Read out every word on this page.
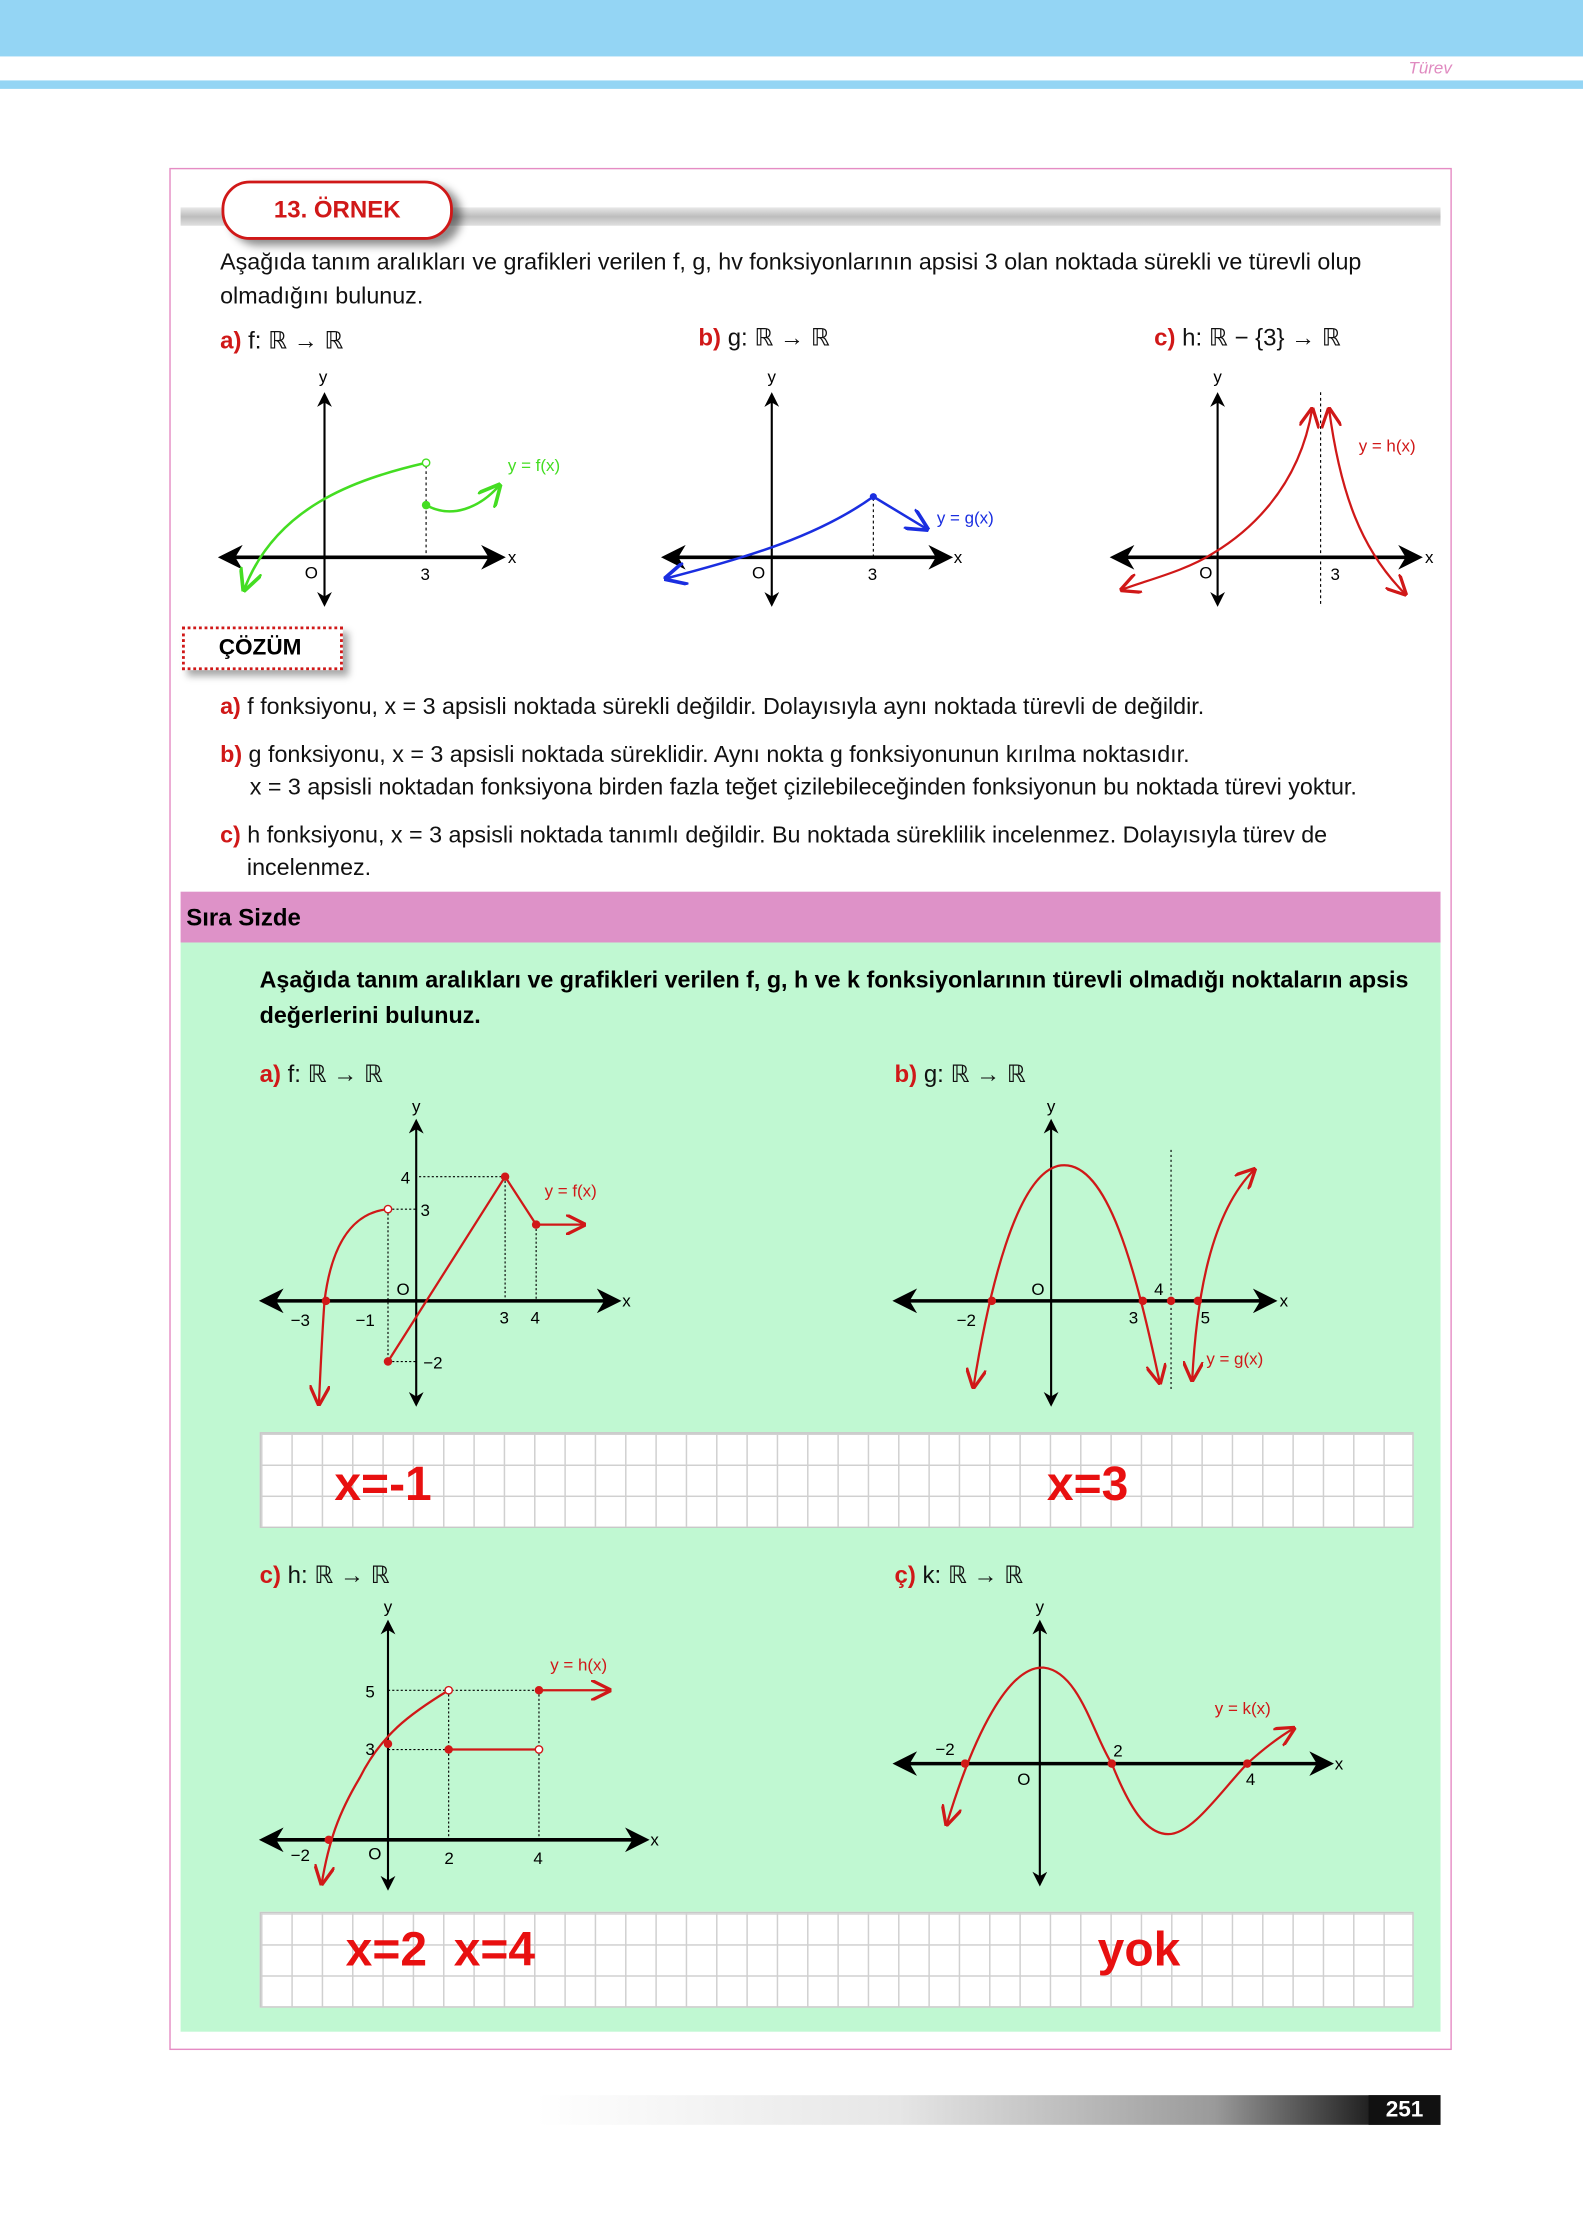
Türev
13. ÖRNEK
Aşağıda tanım aralıkları ve grafikleri verilen f, g, hv fonksiyonlarının apsisi 3 olan noktada sürekli ve türevli olup olmadığını bulunuz.
a) f: ℝ → ℝ	b) g: ℝ → ℝ	c) h: ℝ − {3} → ℝ
y
x
O	3
y = f(x)
y
x
O	3
y = g(x)
y
x
O	3
y = h(x)
y
x
−3	−1
O
3 4
4
3
−2
y = f(x)
y
x
−2
O
3
4
5
y = g(x)
y
x
−2	O	2	4
5
3
y = h(x)
y
x
−2
O
2
4
y = k(x)
ÇÖZÜM
a) f fonksiyonu, x = 3 apsisli noktada sürekli değildir. Dolayısıyla aynı noktada türevli de değildir.
b) g fonksiyonu, x = 3 apsisli noktada süreklidir. Aynı nokta g fonksiyonunun kırılma noktasıdır.
x = 3 apsisli noktadan fonksiyona birden fazla teğet çizilebileceğinden fonksiyonun bu noktada türevi yoktur.
c) h fonksiyonu, x = 3 apsisli noktada tanımlı değildir. Bu noktada süreklilik incelenmez. Dolayısıyla türev de
incelenmez.
Sıra Sizde
Aşağıda tanım aralıkları ve grafikleri verilen f, g, h ve k fonksiyonlarının türevli olmadığı noktaların apsis değerlerini bulunuz.
a) f: ℝ → ℝ	b) g: ℝ → ℝ
c) h: ℝ → ℝ	ç) k: ℝ → ℝ
x=-1	x=3
x=2  x=4	yok
251
